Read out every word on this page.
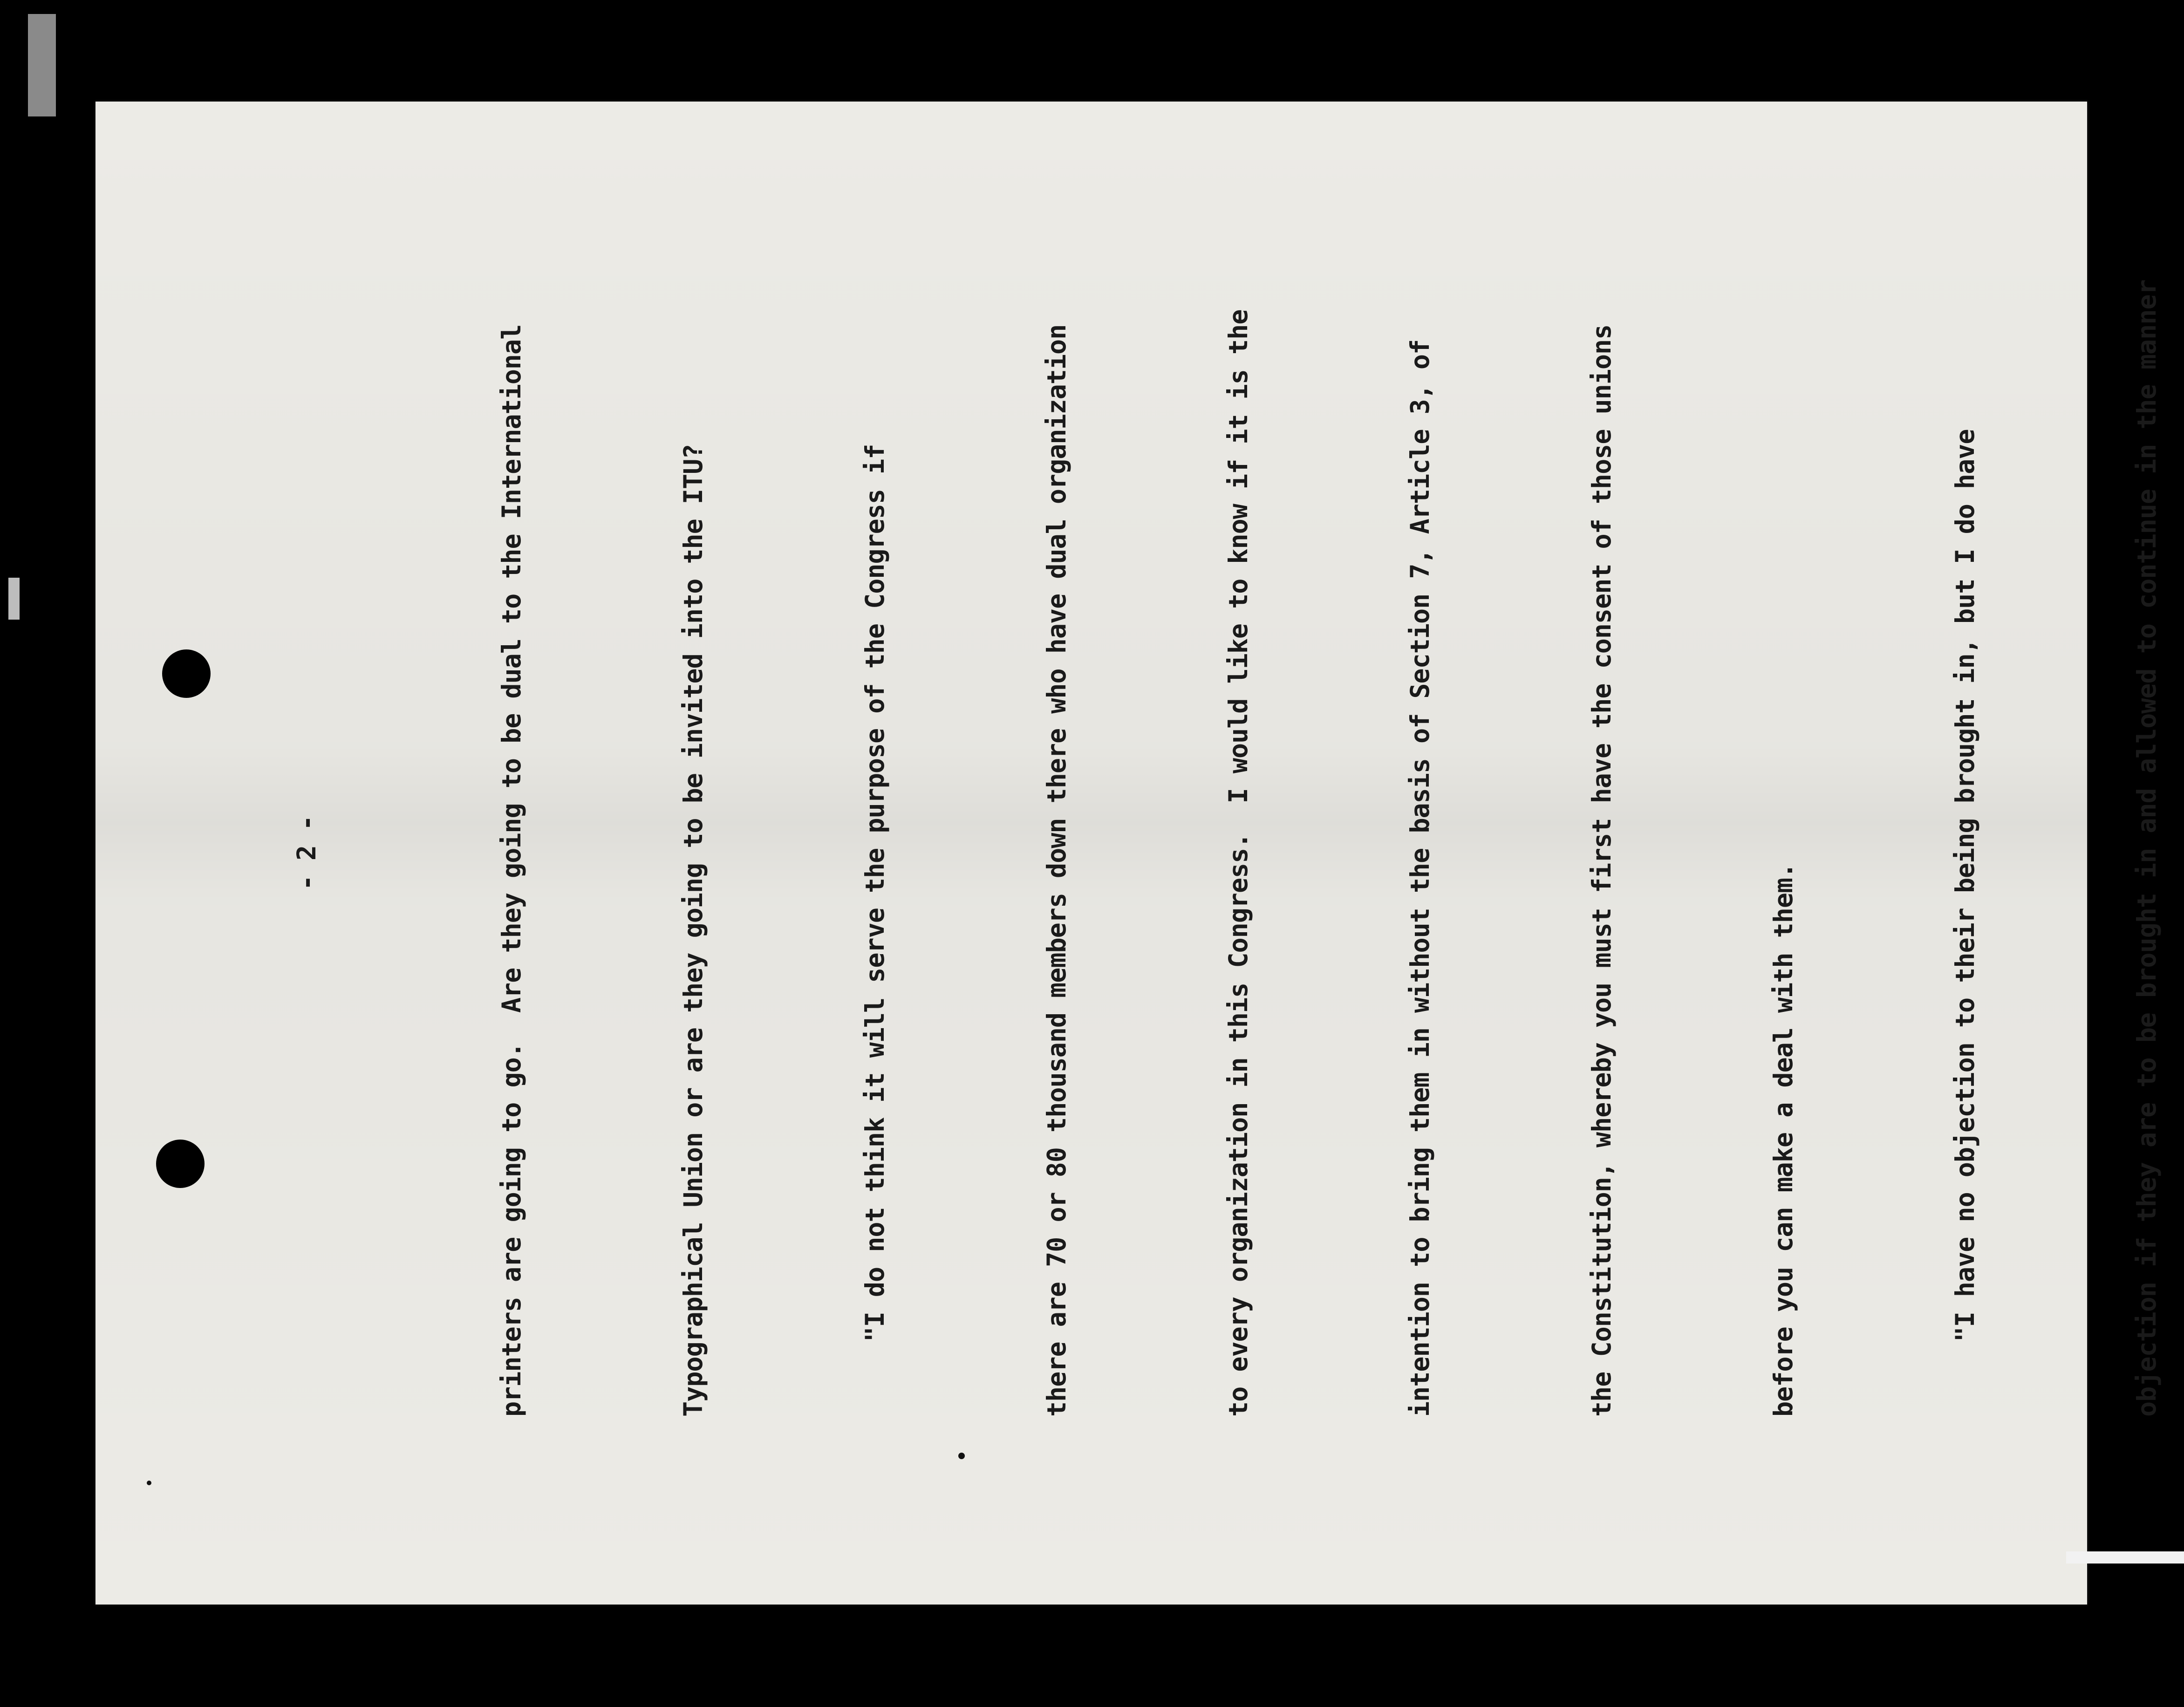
- 2 -

	printers are going to go.  Are they going to be dual to the International

	Typographical Union or are they going to be invited into the ITU?

	"I do not think it will serve the purpose of the Congress if

	there are 70 or 80 thousand members down there who have dual organization

	to every organization in this Congress.  I would like to know if it is the

	intention to bring them in without the basis of Section 7, Article 3, of

	the Constitution, whereby you must first have the consent of those unions

	before you can make a deal with them.

	"I have no objection to their being brought in, but I do have

	objection if they are to be brought in and allowed to continue in the manner
